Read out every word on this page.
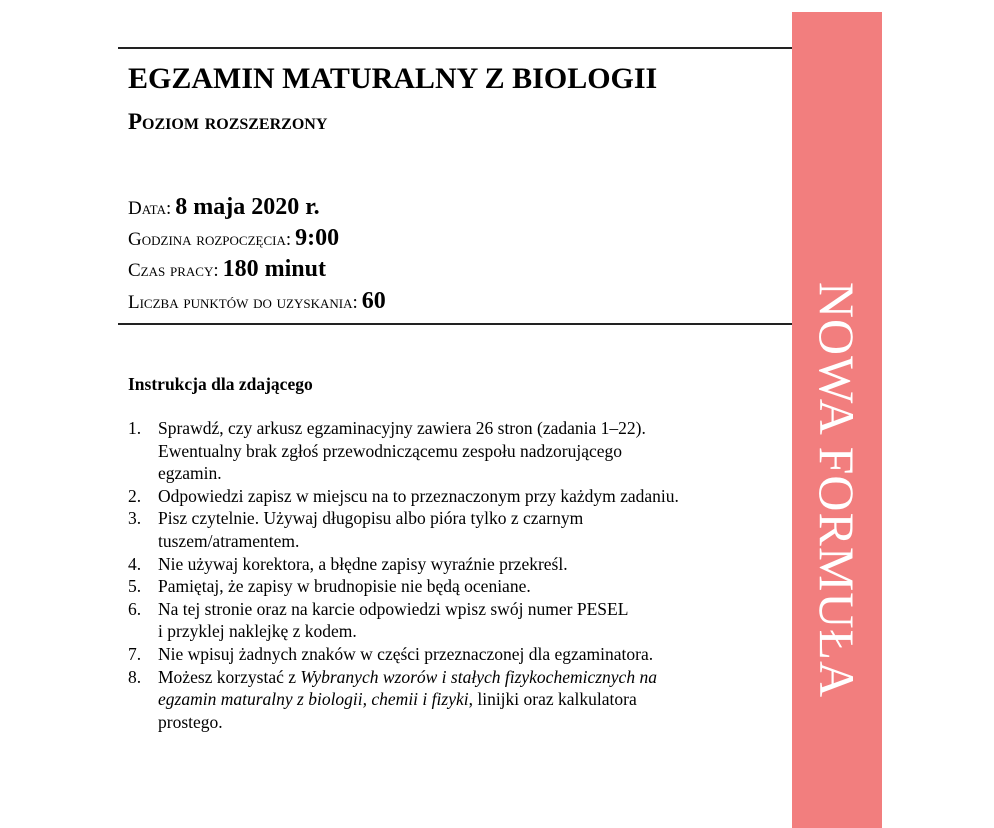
NOWA FORMUŁA
EGZAMIN MATURALNY Z BIOLOGII
Poziom rozszerzony

Data: 8 maja 2020 r.

Godzina rozpoczęcia: 9:00

Czas pracy: 180 minut

Liczba punktów do uzyskania: 60

Instrukcja dla zdającego
1. Sprawdź, czy arkusz egzaminacyjny zawiera 26 stron (zadania 1–22).
Ewentualny brak zgłoś przewodniczącemu zespołu nadzorującego
egzamin.
2. Odpowiedzi zapisz w miejscu na to przeznaczonym przy każdym zadaniu.
3. Pisz czytelnie. Używaj długopisu albo pióra tylko z czarnym
tuszem/atramentem.
4. Nie używaj korektora, a błędne zapisy wyraźnie przekreśl.
5. Pamiętaj, że zapisy w brudnopisie nie będą oceniane.
6. Na tej stronie oraz na karcie odpowiedzi wpisz swój numer PESEL
i przyklej naklejkę z kodem.
7. Nie wpisuj żadnych znaków w części przeznaczonej dla egzaminatora.
8. Możesz korzystać z Wybranych wzorów i stałych fizykochemicznych na
egzamin maturalny z biologii, chemii i fizyki, linijki oraz kalkulatora
prostego.
